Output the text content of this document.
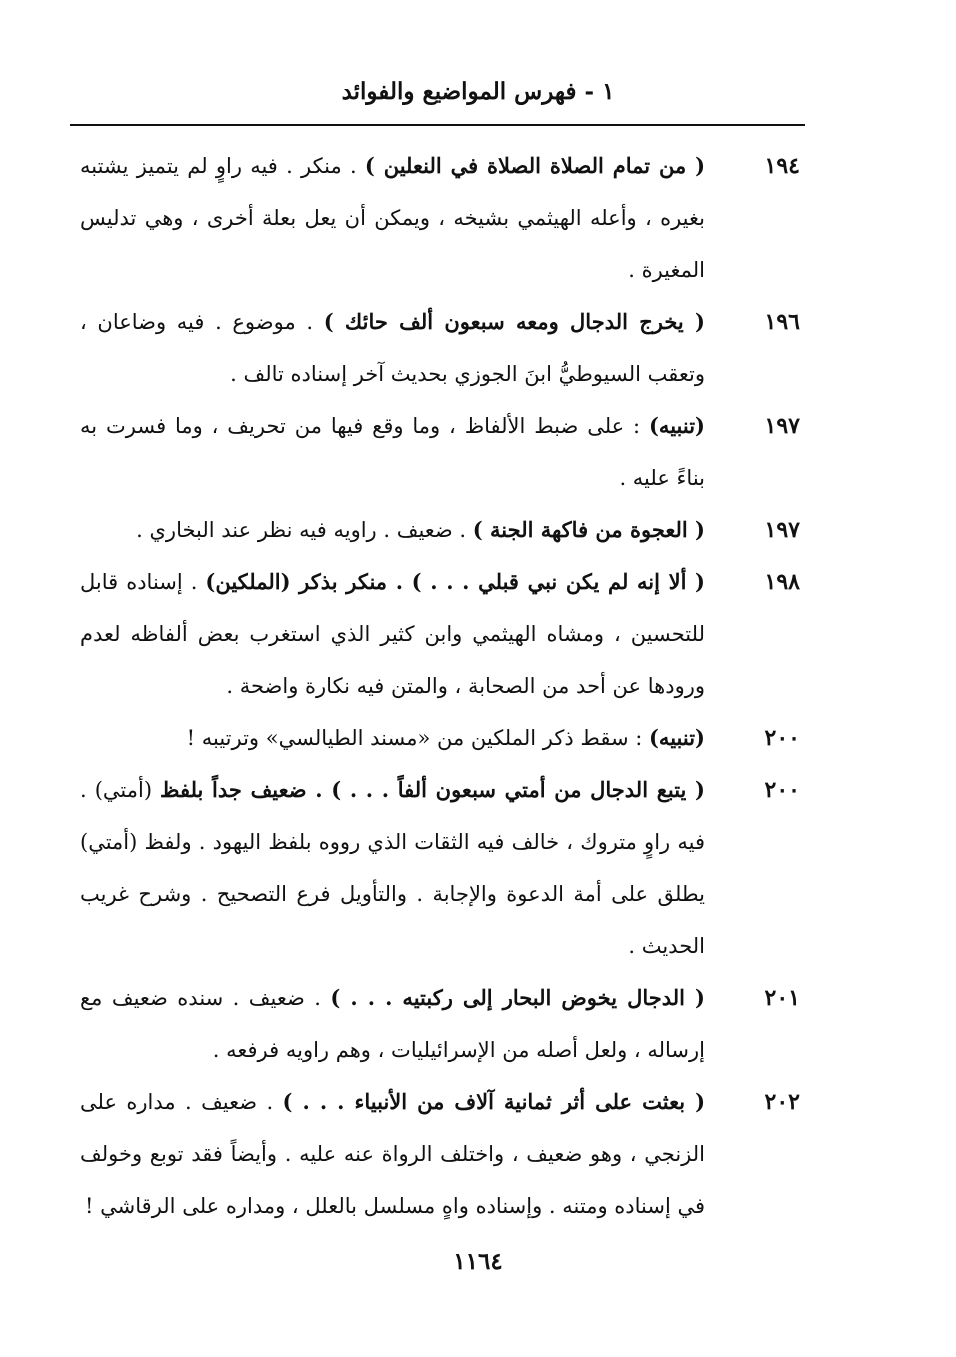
١ - فهرس المواضيع والفوائد
١٩٤
( من تمام الصلاة الصلاة في النعلين ) . منكر . فيه راوٍ لم يتميز يشتبه بغيره ، وأعله الهيثمي بشيخه ، ويمكن أن يعل بعلة أخرى ، وهي تدليس المغيرة .
١٩٦
( يخرج الدجال ومعه سبعون ألف حائك ) . موضوع . فيه وضاعان ، وتعقب السيوطيُّ ابنَ الجوزي بحديث آخر إسناده تالف .
١٩٧
(تنبيه) : على ضبط الألفاظ ، وما وقع فيها من تحريف ، وما فسرت به بناءً عليه .
١٩٧
( العجوة من فاكهة الجنة ) . ضعيف . راويه فيه نظر عند البخاري .
١٩٨
( ألا إنه لم يكن نبي قبلي . . . ) . منكر بذكر (الملكين) . إسناده قابل للتحسين ، ومشاه الهيثمي وابن كثير الذي استغرب بعض ألفاظه لعدم ورودها عن أحد من الصحابة ، والمتن فيه نكارة واضحة .
٢٠٠
(تنبيه) : سقط ذكر الملكين من «مسند الطيالسي» وترتيبه !
٢٠٠
( يتبع الدجال من أمتي سبعون ألفاً . . . ) . ضعيف جداً بلفظ (أمتي) . فيه راوٍ متروك ، خالف فيه الثقات الذي رووه بلفظ اليهود . ولفظ (أمتي) يطلق على أمة الدعوة والإجابة . والتأويل فرع التصحيح . وشرح غريب الحديث .
٢٠١
( الدجال يخوض البحار إلى ركبتيه . . . ) . ضعيف . سنده ضعيف مع إرساله ، ولعل أصله من الإسرائيليات ، وهم راويه فرفعه .
٢٠٢
( بعثت على أثر ثمانية آلاف من الأنبياء . . . ) . ضعيف . مداره على الزنجي ، وهو ضعيف ، واختلف الرواة عنه عليه . وأيضاً فقد توبع وخولف في إسناده ومتنه . وإسناده واهٍ مسلسل بالعلل ، ومداره على الرقاشي !
١١٦٤
